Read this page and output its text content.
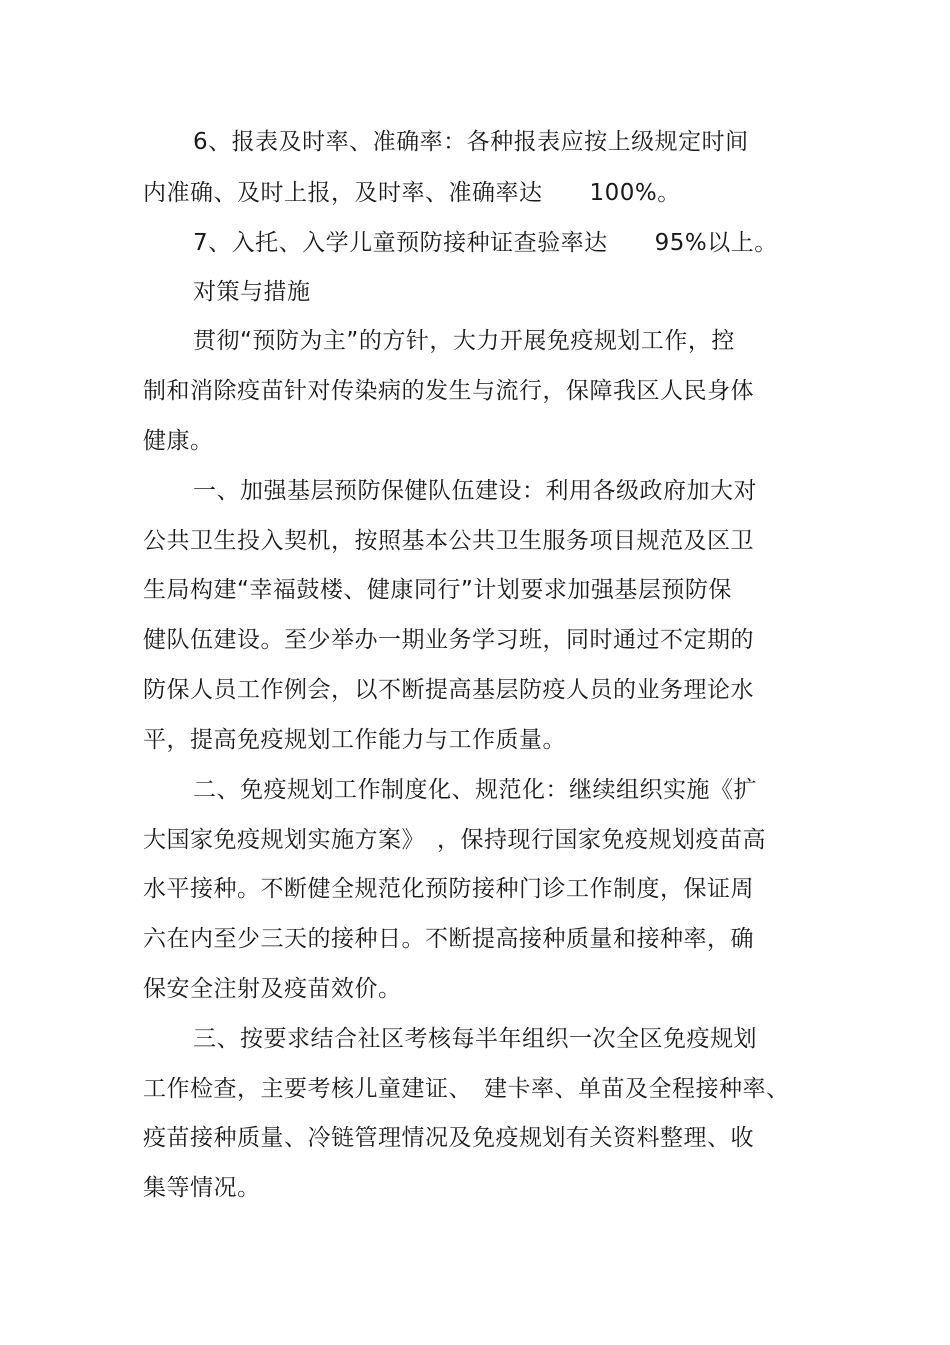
6、报表及时率、准确率：各种报表应按上级规定时间
内准确、及时上报，及时率、准确率达　　100%。
7、入托、入学儿童预防接种证查验率达　　95%以上。
对策与措施
贯彻“预防为主”的方针，大力开展免疫规划工作，控
制和消除疫苗针对传染病的发生与流行，保障我区人民身体
健康。
一、加强基层预防保健队伍建设：利用各级政府加大对
公共卫生投入契机，按照基本公共卫生服务项目规范及区卫
生局构建“幸福鼓楼、健康同行”计划要求加强基层预防保
健队伍建设。至少举办一期业务学习班，同时通过不定期的
防保人员工作例会，以不断提高基层防疫人员的业务理论水
平，提高免疫规划工作能力与工作质量。
二、免疫规划工作制度化、规范化：继续组织实施《扩
大国家免疫规划实施方案》　，保持现行国家免疫规划疫苗高
水平接种。不断健全规范化预防接种门诊工作制度，保证周
六在内至少三天的接种日。不断提高接种质量和接种率，确
保安全注射及疫苗效价。
三、按要求结合社区考核每半年组织一次全区免疫规划
工作检查，主要考核儿童建证、　建卡率、单苗及全程接种率、
疫苗接种质量、冷链管理情况及免疫规划有关资料整理、收
集等情况。
